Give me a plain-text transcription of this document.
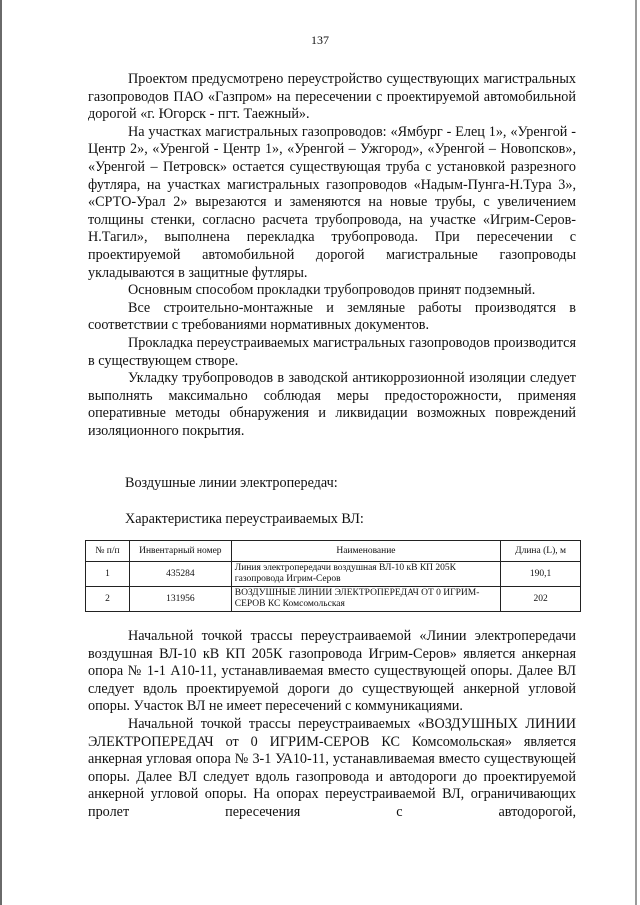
137

Проектом предусмотрено переустройство существующих магистральных газопроводов ПАО «Газпром» на пересечении с проектируемой автомобильной дорогой «г. Югорск - пгт. Таежный».

На участках магистральных газопроводов: «Ямбург - Елец 1», «Уренгой - Центр 2», «Уренгой - Центр 1», «Уренгой – Ужгород», «Уренгой – Новопсков», «Уренгой – Петровск» остается существующая труба с установкой разрезного футляра, на участках магистральных газопроводов «Надым-Пунга-Н.Тура 3», «СРТО-Урал 2» вырезаются и заменяются на новые трубы, с увеличением толщины стенки, согласно расчета трубопровода, на участке «Игрим-Серов-Н.Тагил», выполнена перекладка трубопровода. При пересечении с проектируемой автомобильной дорогой магистральные газопроводы укладываются в защитные футляры.

Основным способом прокладки трубопроводов принят подземный.

Все строительно-монтажные и земляные работы производятся в соответствии с требованиями нормативных документов.

Прокладка переустраиваемых магистральных газопроводов производится в существующем створе.

Укладку трубопроводов в заводской антикоррозионной изоляции следует выполнять максимально соблюдая меры предосторожности, применяя оперативные методы обнаружения и ликвидации возможных повреждений изоляционного покрытия.

Воздушные линии электропередач:
Характеристика переустраиваемых ВЛ:
№ п/п	Инвентарный номер	Наименование	Длина (L), м
1	435284	Линия электропередачи воздушная ВЛ-10 кВ КП 205К газопровода Игрим-Серов	190,1
2	131956	ВОЗДУШНЫЕ ЛИНИИ ЭЛЕКТРОПЕРЕДАЧ ОТ 0 ИГРИМ-СЕРОВ КС Комсомольская	202

Начальной точкой трассы переустраиваемой «Линии электропередачи воздушная ВЛ-10 кВ КП 205К газопровода Игрим-Серов» является анкерная опора № 1-1 А10-11, устанавливаемая вместо существующей опоры. Далее ВЛ следует вдоль проектируемой дороги до существующей анкерной угловой опоры. Участок ВЛ не имеет пересечений с коммуникациями.

Начальной точкой трассы переустраиваемых «ВОЗДУШНЫХ ЛИНИИ ЭЛЕКТРОПЕРЕДАЧ от 0 ИГРИМ-СЕРОВ КС Комсомольская» является анкерная угловая опора № 3-1 УА10-11, устанавливаемая вместо существующей опоры. Далее ВЛ следует вдоль газопровода и автодороги до проектируемой анкерной угловой опоры. На опорах переустраиваемой ВЛ, ограничивающих пролет пересечения с автодорогой,
